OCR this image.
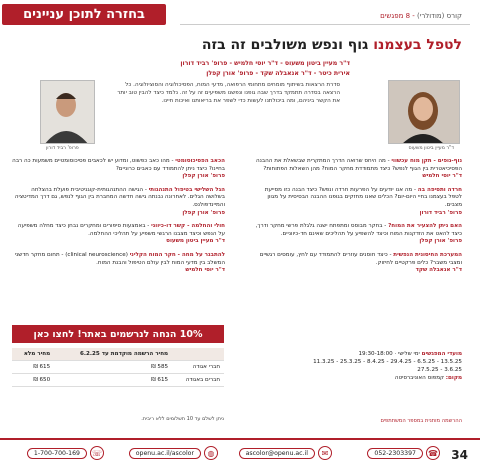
בחזרה לתוכן עניינים	קורס (מודולרי) - 8 מפגשים
לטפל בעצמנו גוף ונפש משולבים זה בזה
ד"ר מעיין ביטון משעוס - ד"ר יוסי חלמיש - פרופ' רביד דורון
אירית כיטר - ד"ר אנאבלה שקד - פרופ' אורן קפלן
סדרת הרצאות בשיתוף מומחים מתחומי הרפואה, מדעי המוח, הפסיכולוגיה והסוציולוגיה. כל הרצאה בסדרה תתמקד בדרך שבה גופנו ונפשנו משפיעים זה על זה. נלמד כיצד להבין טוב יותר את הקשר ביניהם, ומה ביכולתנו לעשות כדי לשפר את בריאותנו ואיכות חיינו.
ד"ר מעיין ביטון משעוס
פרופ' רביד דורון
נוף-גופים - תקן מוח עכשווי - מה היחס שרואה הדרך המתקרית שבשאלת את ההבנה הפסיכיאטרית בין הגוף לנפש? כיצד מתמודדת מחקר המוח? מהן השאלות הפתוחות?
ד"ר יוסי חלמיש
חרדה ותסיפה בה - מה אנו יודעים על הפרעות חרדה ונפש? כיצד הבנה כזו מסייעת לטפל בעצמנו בחיי היום-יום? הכלים שאנו מחזקים בגופנו ההבנה הבסיסית על מגוון מצבים.
פרופ' רביד דורון
האם ניתן להצעיר את המוח? - בחקר מבוסס ומתפתח ישנה גלגלת פרשי מחקר ודרך, כיצד להאט את הזדקנות המוח וכיצד להשפיע על תהליכים שאינם חד-כיווניים.
פרופ' אורן קפלן
המערכת החיסונית הנפשית - כיצד חוסנים עוזרים להתמודד עם לחץ, עומסים רגשיים ומצבי משבר? כלים פרקטיים לחיזוק.
ד"ר אנאבלה שקד
הכאב הפסיכוסומטי - מהו כאב כפשוט, ומדוע יש לכאבים פסיכוסומטיים משמעות כה רבה בחיינו? כיצד ניתן להתמודד עם כאבים כרוניים?
פרופ' אורן קפלן
הגל השלישי בטיפול התנהגותי - הגישה ההתנהגותית-קוגניטיבית פועלת בהצלחה בשלושה הגלים. לאחרונה נבנתה גישה חדשה המחברת בין הגוף לנפש, גם דרך המדיטציה והמיינדפולנס.
פרופ' אורן קפלן
חולי והחלמה - קשר דו-כיווני - באמצעות סיפורים ומחקרים נבחן כיצד מחלה משפיעה על הנפש וכיצד מצבנו הרגשי משפיע על תהליכי ההחלמה.
ד"ר מעיין ביטון משעוס
להתבגר על מחה - חקר המוח הקליני (clinical neuroscience) - תחום מחקר חדשני המשלב בין מדעי המוח לבין עולם הטיפול והבנת המוח.
ד"ר יוסי חלמיש
10% הנחה לנרשמים באתר! לחצו כאן
	מחיר הרשמה מוקדמת עד 6.2.25	מחיר מלא
חברי אגודה	585 ₪	615 ₪
חברים באגודה	615 ₪	650 ₪
ניתן לשלם עד 10 תשלומים ללא ריבית.
מועדי המפגשים ימי שלישי · 19:30-18:00
13.5.25 - 6.5.25 - 29.4.25 - 8.4.25 - 25.3.25 - 11.3.25
3.6.25 - 27.5.25
מקום: קמפוס האוניברסיטה
ההרשמה מותנית במספר המשתתפים
34
052-2303397	☎
ascolor@openu.ac.il	✉
openu.ac.il/ascolor	◍
1-700-700-169	☏
